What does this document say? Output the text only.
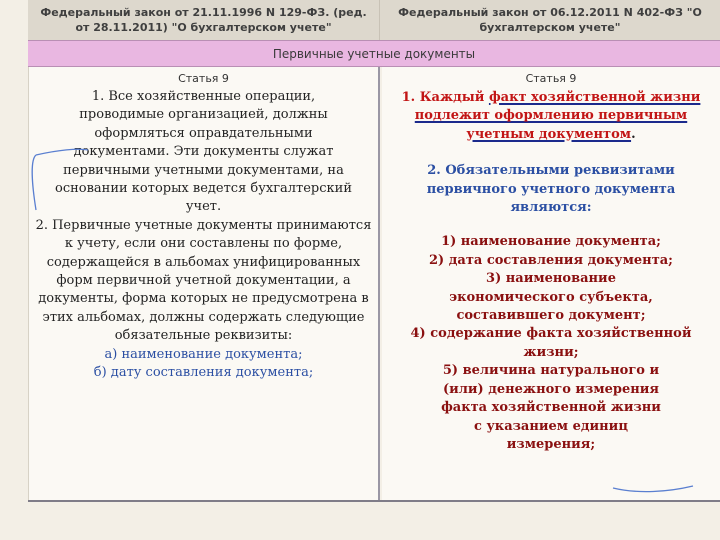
Федеральный закон от 21.11.1996 N 129-ФЗ. (ред. от 28.11.2011) "О бухгалтерском учете"
Федеральный закон от 06.12.2011 N 402-ФЗ "О бухгалтерском учете"
Первичные учетные документы
Статья 9
1. Все хозяйственные операции, проводимые организацией, должны оформляться оправдательными документами. Эти документы служат первичными учетными документами, на основании которых ведется бухгалтерский учет.
2. Первичные учетные документы принимаются к учету, если они составлены по форме, содержащейся в альбомах унифицированных форм первичной учетной документации, а документы, форма которых не предусмотрена в этих альбомах, должны содержать следующие обязательные реквизиты:
а) наименование документа;
б) дату составления документа;
Статья 9
1. Каждый факт хозяйственной жизни подлежит оформлению первичным учетным документом.
2. Обязательными реквизитами первичного учетного документа являются:
1) наименование документа;
2) дата составления документа;
3) наименование экономического субъекта, составившего документ;
4) содержание факта хозяйственной жизни;
5) величина натурального и (или) денежного измерения факта хозяйственной жизни с указанием единиц измерения;
